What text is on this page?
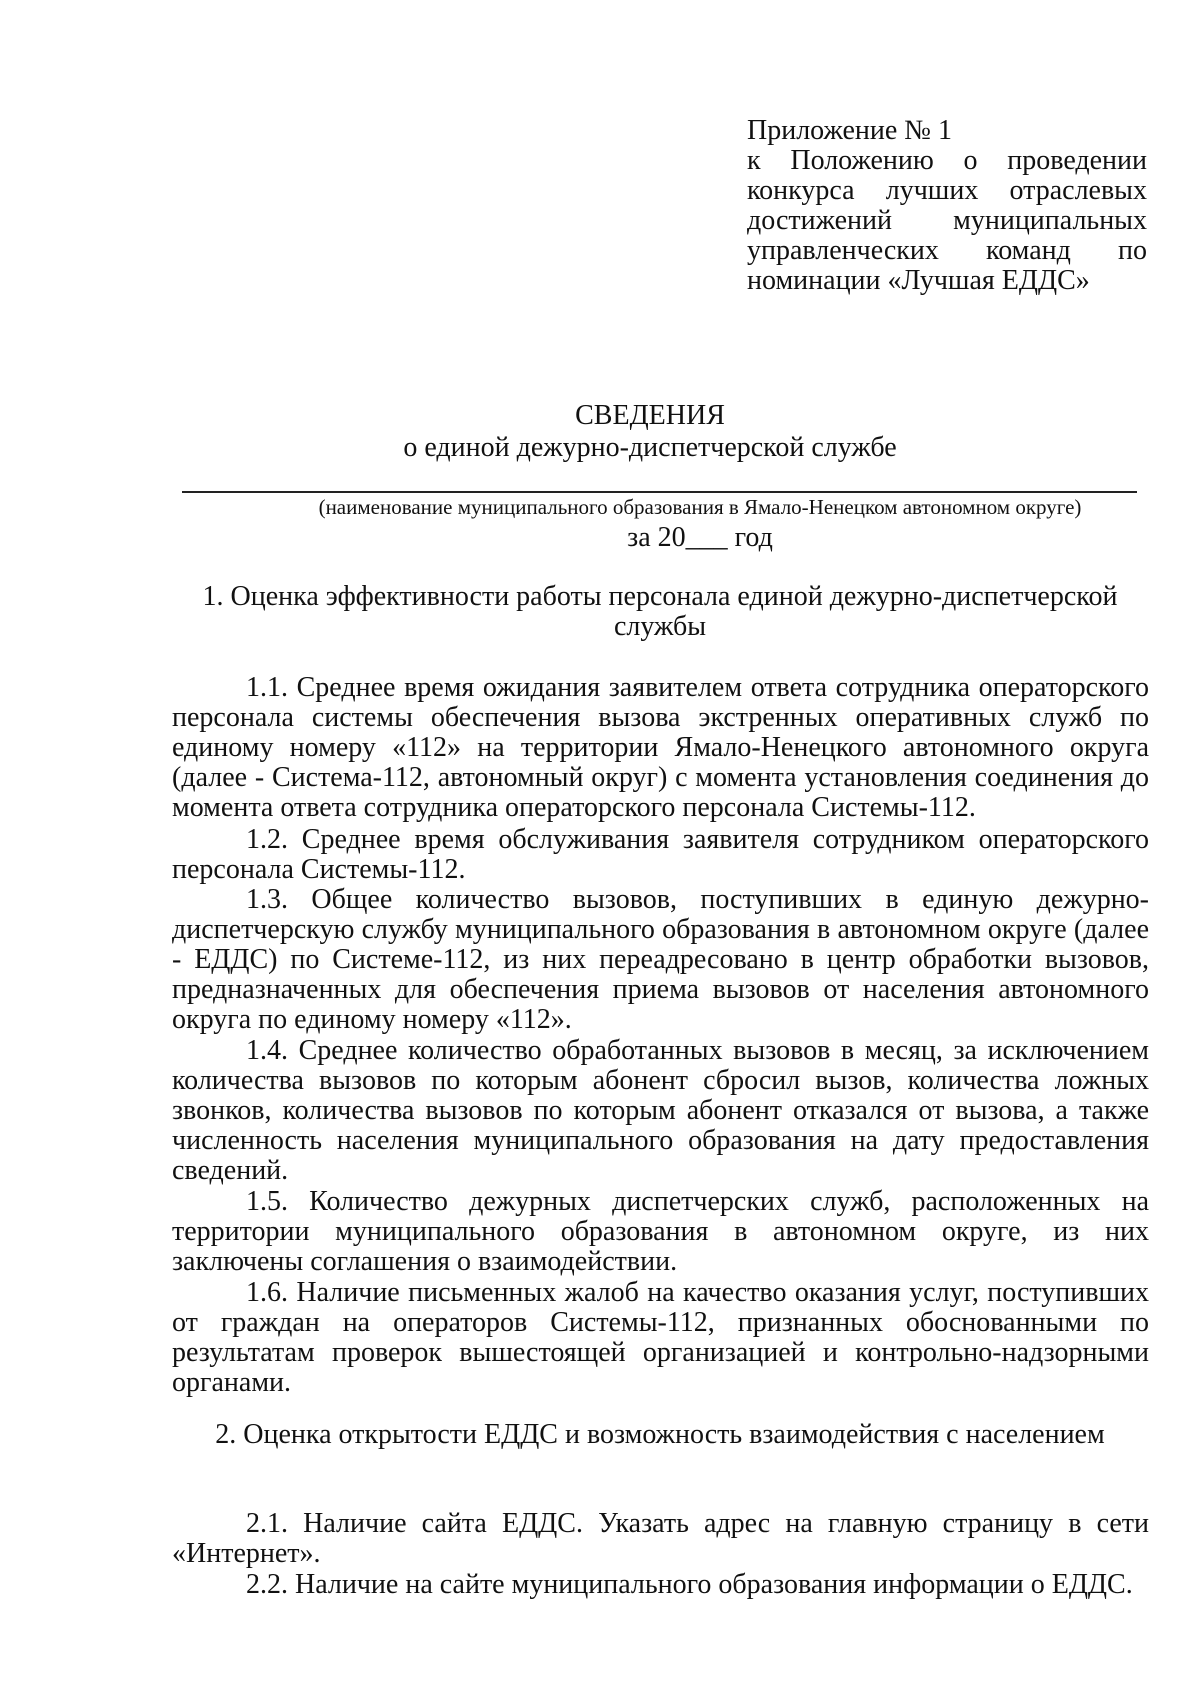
Приложение № 1
к Положению о проведении
конкурса лучших отраслевых
достижений муниципальных
управленческих команд по
номинации «Лучшая ЕДДС»
СВЕДЕНИЯ
о единой дежурно-диспетчерской службе
(наименование муниципального образования в Ямало-Ненецком автономном округе)
за 20___ год
1. Оценка эффективности работы персонала единой дежурно-диспетчерской службы
1.1. Среднее время ожидания заявителем ответа сотрудника операторского персонала системы обеспечения вызова экстренных оперативных служб по единому номеру «112» на территории Ямало-Ненецкого автономного округа (далее - Система-112, автономный округ) с момента установления соединения до момента ответа сотрудника операторского персонала Системы-112.
1.2. Среднее время обслуживания заявителя сотрудником операторского персонала Системы-112.
1.3. Общее количество вызовов, поступивших в единую дежурно-диспетчерскую службу муниципального образования в автономном округе (далее - ЕДДС) по Системе-112, из них переадресовано в центр обработки вызовов, предназначенных для обеспечения приема вызовов от населения автономного округа по единому номеру «112».
1.4. Среднее количество обработанных вызовов в месяц, за исключением количества вызовов по которым абонент сбросил вызов, количества ложных звонков, количества вызовов по которым абонент отказался от вызова, а также численность населения муниципального образования на дату предоставления сведений.
1.5. Количество дежурных диспетчерских служб, расположенных на территории муниципального образования в автономном округе, из них заключены соглашения о взаимодействии.
1.6. Наличие письменных жалоб на качество оказания услуг, поступивших от граждан на операторов Системы-112, признанных обоснованными по результатам проверок вышестоящей организацией и контрольно-надзорными органами.
2. Оценка открытости ЕДДС и возможность взаимодействия с населением
2.1. Наличие сайта ЕДДС. Указать адрес на главную страницу в сети «Интернет».
2.2. Наличие на сайте муниципального образования информации о ЕДДС.
